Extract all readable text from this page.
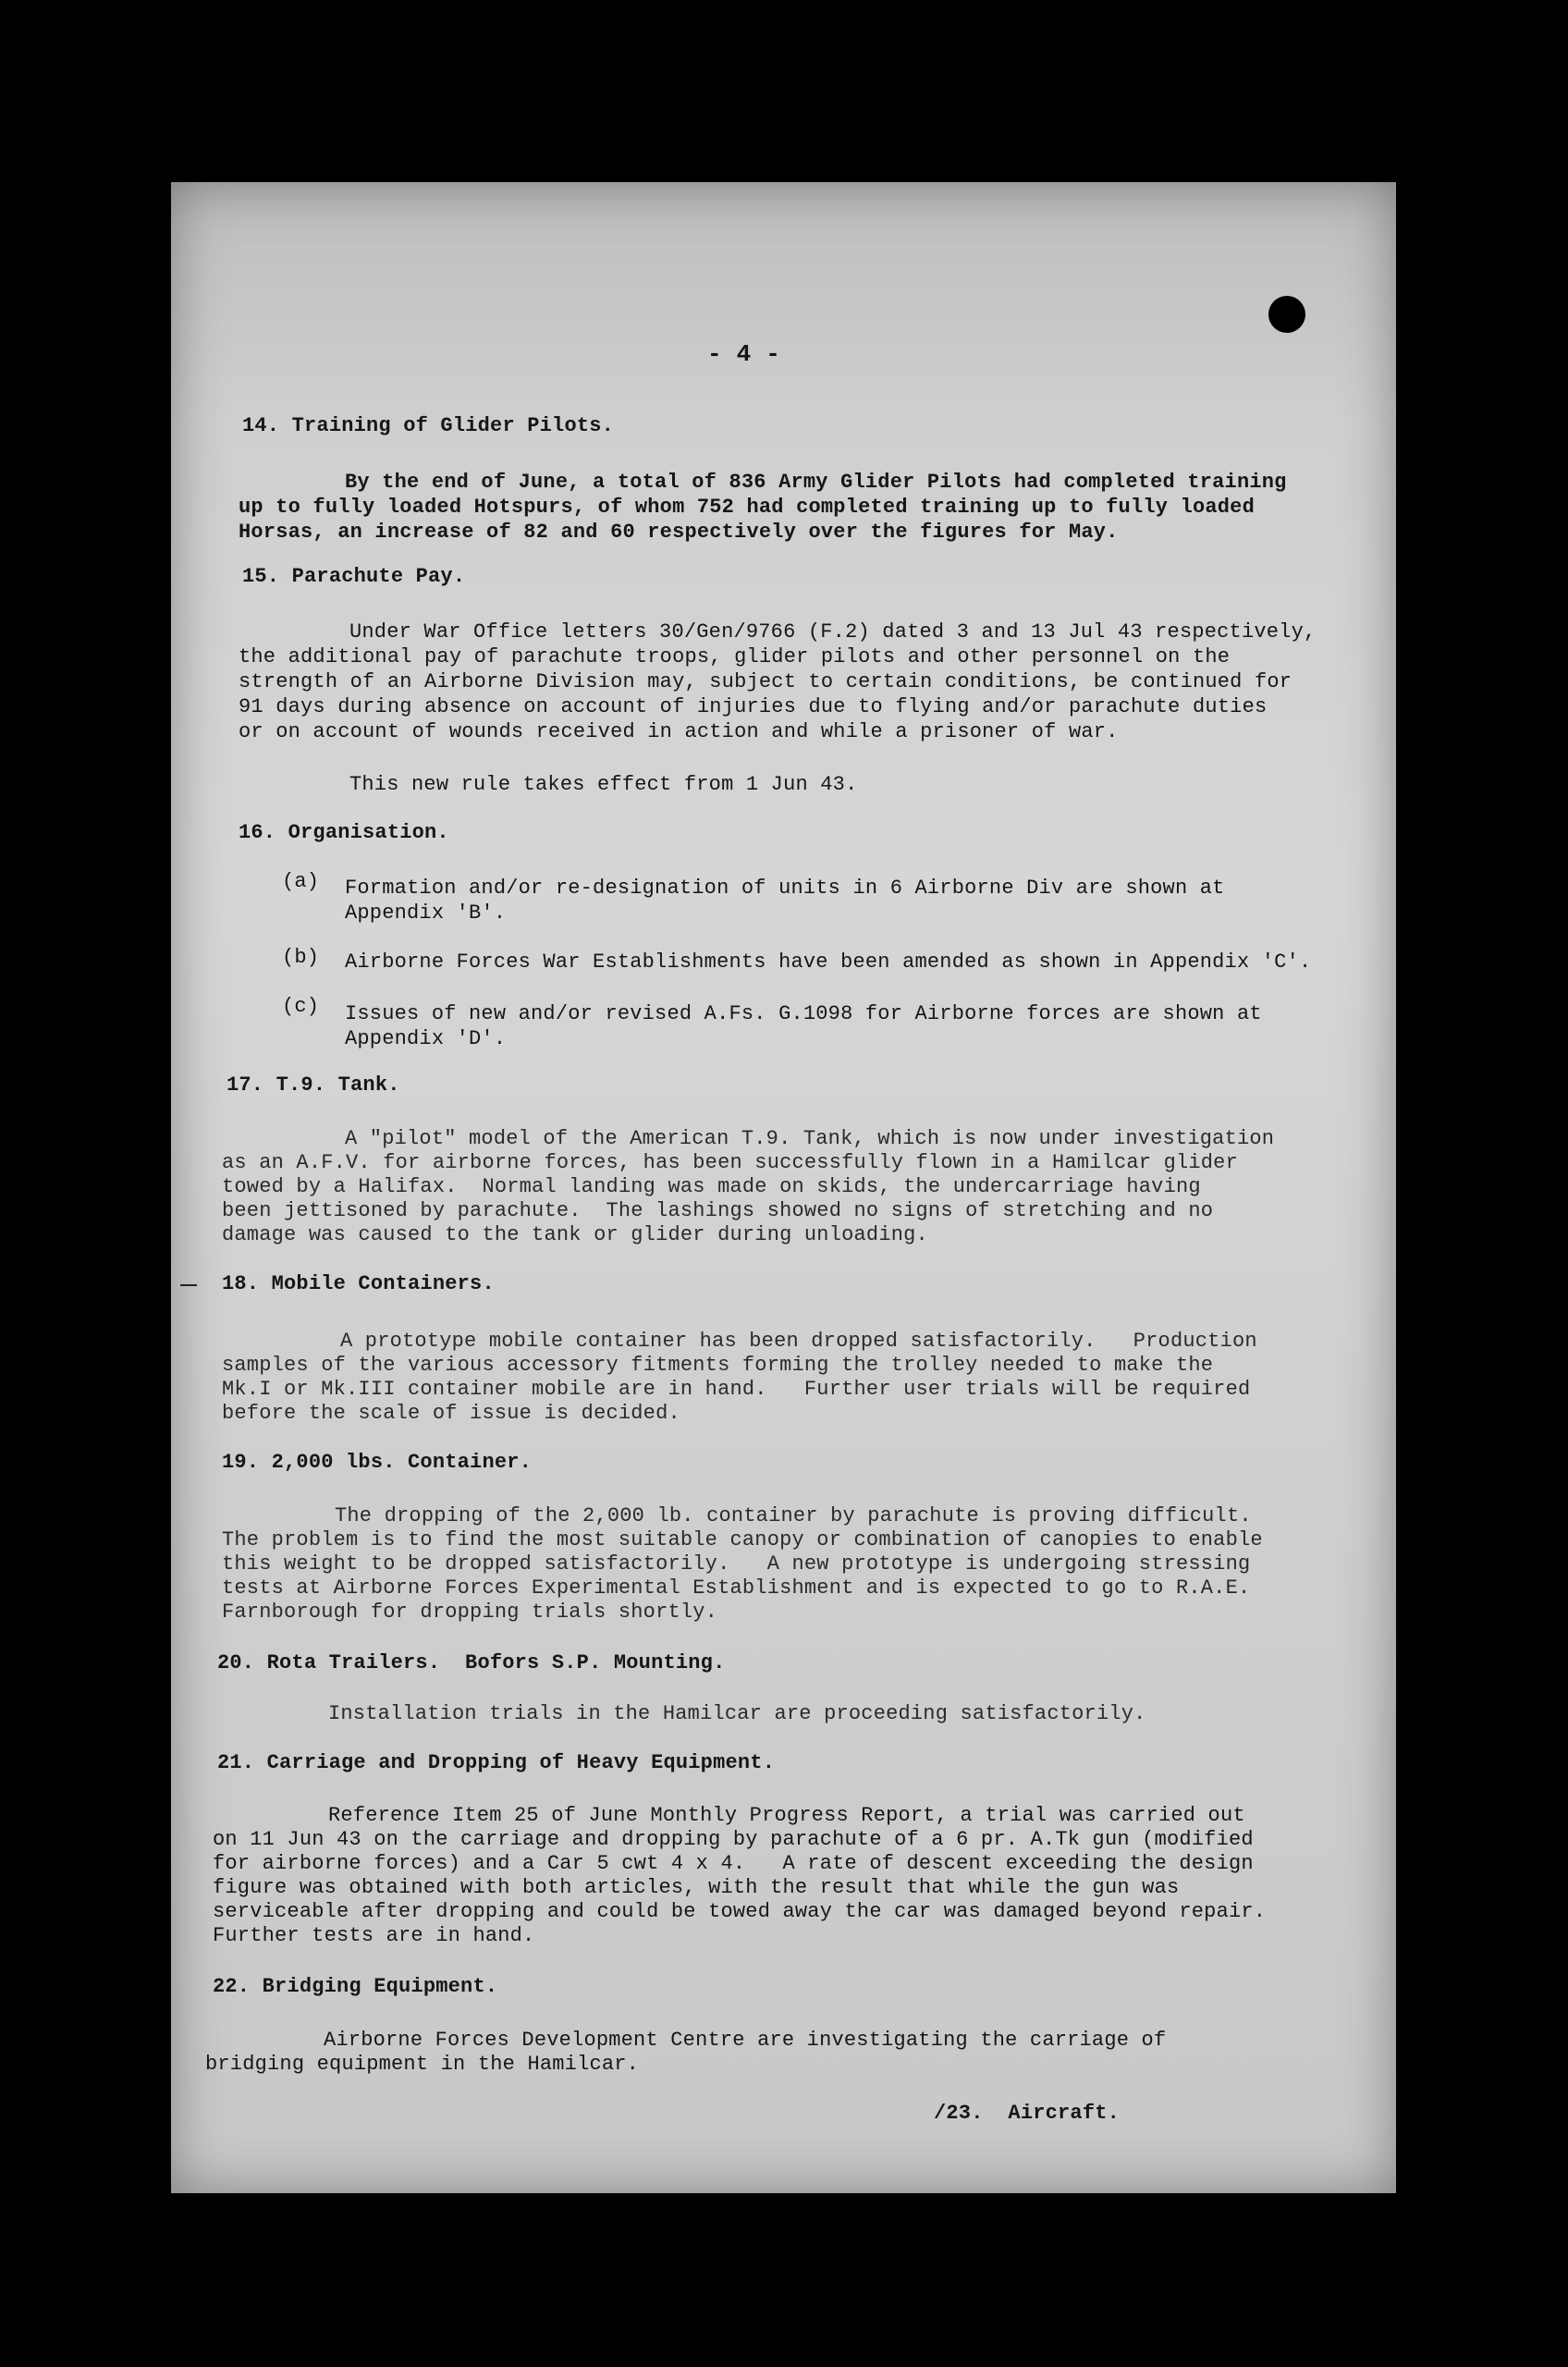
- 4 -
14. Training of Glider Pilots.
By the end of June, a total of 836 Army Glider Pilots had completed training
up to fully loaded Hotspurs, of whom 752 had completed training up to fully loaded
Horsas, an increase of 82 and 60 respectively over the figures for May.
15. Parachute Pay.
Under War Office letters 30/Gen/9766 (F.2) dated 3 and 13 Jul 43 respectively,
the additional pay of parachute troops, glider pilots and other personnel on the
strength of an Airborne Division may, subject to certain conditions, be continued for
91 days during absence on account of injuries due to flying and/or parachute duties
or on account of wounds received in action and while a prisoner of war.
This new rule takes effect from 1 Jun 43.
16. Organisation.
(a) Formation and/or re-designation of units in 6 Airborne Div are shown at
Appendix 'B'.
(b) Airborne Forces War Establishments have been amended as shown in Appendix 'C'.
(c) Issues of new and/or revised A.Fs. G.1098 for Airborne forces are shown at
Appendix 'D'.
17. T.9. Tank.
A "pilot" model of the American T.9. Tank, which is now under investigation
as an A.F.V. for airborne forces, has been successfully flown in a Hamilcar glider
towed by a Halifax.  Normal landing was made on skids, the undercarriage having
been jettisoned by parachute.  The lashings showed no signs of stretching and no
damage was caused to the tank or glider during unloading.
18. Mobile Containers.
A prototype mobile container has been dropped satisfactorily.   Production
samples of the various accessory fitments forming the trolley needed to make the
Mk.I or Mk.III container mobile are in hand.   Further user trials will be required
before the scale of issue is decided.
19. 2,000 lbs. Container.
The dropping of the 2,000 lb. container by parachute is proving difficult.
The problem is to find the most suitable canopy or combination of canopies to enable
this weight to be dropped satisfactorily.   A new prototype is undergoing stressing
tests at Airborne Forces Experimental Establishment and is expected to go to R.A.E.
Farnborough for dropping trials shortly.
20. Rota Trailers.  Bofors S.P. Mounting.
Installation trials in the Hamilcar are proceeding satisfactorily.
21. Carriage and Dropping of Heavy Equipment.
Reference Item 25 of June Monthly Progress Report, a trial was carried out
on 11 Jun 43 on the carriage and dropping by parachute of a 6 pr. A.Tk gun (modified
for airborne forces) and a Car 5 cwt 4 x 4.   A rate of descent exceeding the design
figure was obtained with both articles, with the result that while the gun was
serviceable after dropping and could be towed away the car was damaged beyond repair.
Further tests are in hand.
22. Bridging Equipment.
Airborne Forces Development Centre are investigating the carriage of
bridging equipment in the Hamilcar.
/23.  Aircraft.
